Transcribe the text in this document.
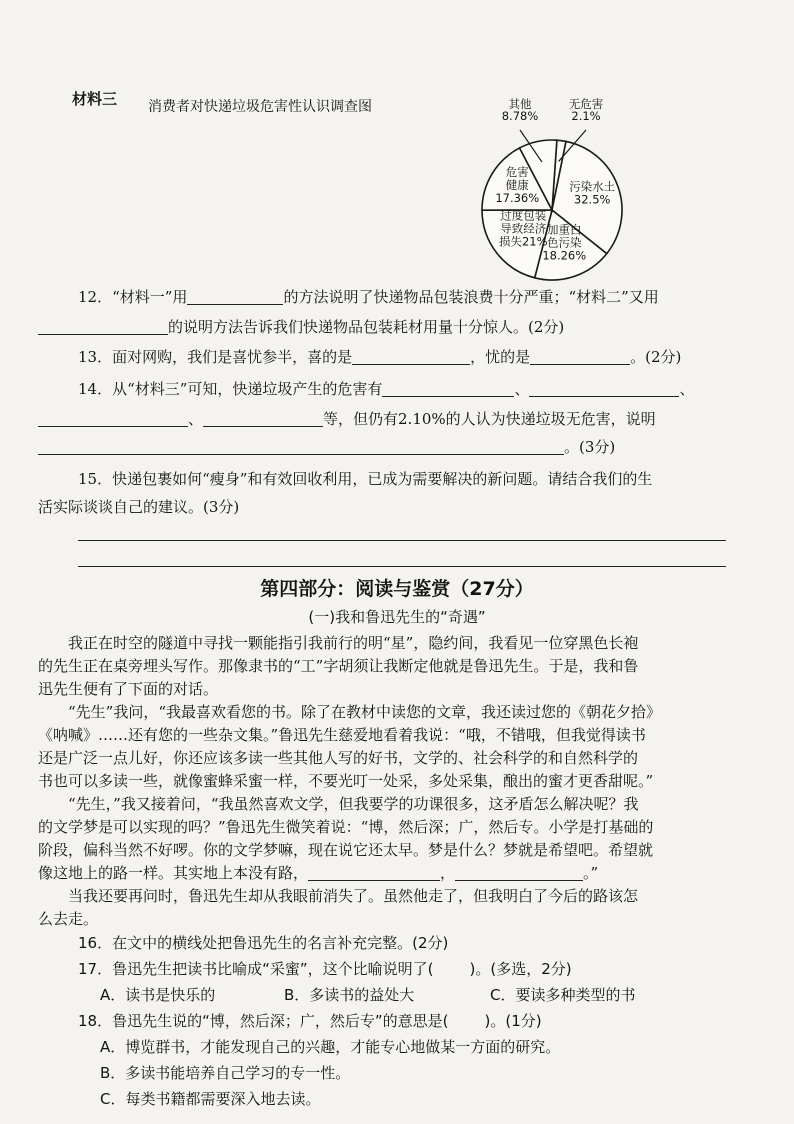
材料三 消费者对快递垃圾危害性认识调查图	无危害 2.1%
污染水土 32.5%
加重白色污染 18.26%
过度包装导致经济损失21%
危害健康 17.36%
其他 8.78%
12．“材料一”用	的方法说明了快递物品包装浪费十分严重；“材料二”又用
的说明方法告诉我们快递物品包装耗材用量十分惊人。(2分)
13．面对网购，我们是喜忧参半，喜的是	，忧的是	。(2分)
14．从“材料三”可知，快递垃圾产生的危害有	、	、
、	等，但仍有2.10%的人认为快递垃圾无危害，说明
。(3分)
15．快递包裹如何“瘦身”和有效回收利用，已成为需要解决的新问题。请结合我们的生
活实际谈谈自己的建议。(3分)
第四部分：阅读与鉴赏（27分）
(一)我和鲁迅先生的“奇遇”
　　我正在时空的隧道中寻找一颗能指引我前行的明“星”，隐约间，我看见一位穿黑色长袍
的先生正在桌旁埋头写作。那像隶书的“工”字胡须让我断定他就是鲁迅先生。于是，我和鲁
迅先生便有了下面的对话。
　　“先生”我问，“我最喜欢看您的书。除了在教材中读您的文章，我还读过您的《朝花夕拾》
《呐喊》……还有您的一些杂文集。”鲁迅先生慈爱地看着我说：“哦，不错哦，但我觉得读书
还是广泛一点儿好，你还应该多读一些其他人写的好书，文学的、社会科学的和自然科学的
书也可以多读一些，就像蜜蜂采蜜一样，不要光叮一处采，多处采集，酿出的蜜才更香甜呢。”
　　“先生，”我又接着问，“我虽然喜欢文学，但我要学的功课很多，这矛盾怎么解决呢？我
的文学梦是可以实现的吗？”鲁迅先生微笑着说：“博，然后深；广，然后专。小学是打基础的
阶段，偏科当然不好啰。你的文学梦嘛，现在说它还太早。梦是什么？梦就是希望吧。希望就
像这地上的路一样。其实地上本没有路，	，	。”
　　当我还要再问时，鲁迅先生却从我眼前消失了。虽然他走了，但我明白了今后的路该怎
么去走。
16．在文中的横线处把鲁迅先生的名言补充完整。(2分)
17．鲁迅先生把读书比喻成“采蜜”，这个比喻说明了( )。(多选，2分)
A．读书是快乐的	B．多读书的益处大	C．要读多种类型的书
18．鲁迅先生说的“博，然后深；广，然后专”的意思是( )。(1分)
A．博览群书，才能发现自己的兴趣，才能专心地做某一方面的研究。
B．多读书能培养自己学习的专一性。
C．每类书籍都需要深入地去读。
